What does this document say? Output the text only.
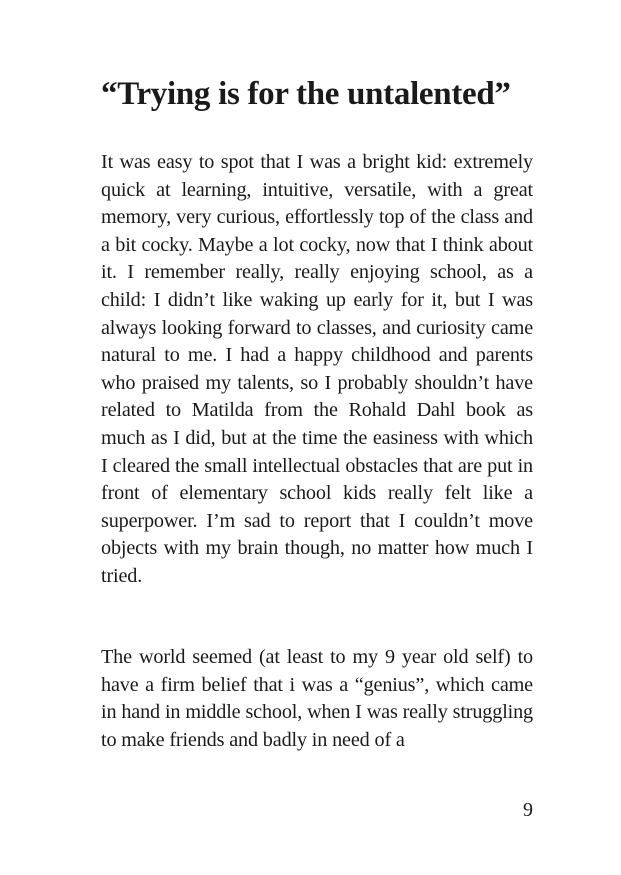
“Trying is for the untalented”

It was easy to spot that I was a bright kid: extremely quick at learning, intuitive, versatile, with a great memory, very curious, effortlessly top of the class and a bit cocky. Maybe a lot cocky, now that I think about it. I remember really, really enjoying school, as a child: I didn’t like waking up early for it, but I was always looking forward to classes, and curiosity came natural to me. I had a happy childhood and parents who praised my talents, so I probably shouldn’t have related to Matilda from the Rohald Dahl book as much as I did, but at the time the easiness with which I cleared the small intellectual obstacles that are put in front of elementary school kids really felt like a superpower. I’m sad to report that I couldn’t move objects with my brain though, no matter how much I tried.

The world seemed (at least to my 9 year old self) to have a firm belief that i was a “genius”, which came in hand in middle school, when I was really struggling to make friends and badly in need of a

9
